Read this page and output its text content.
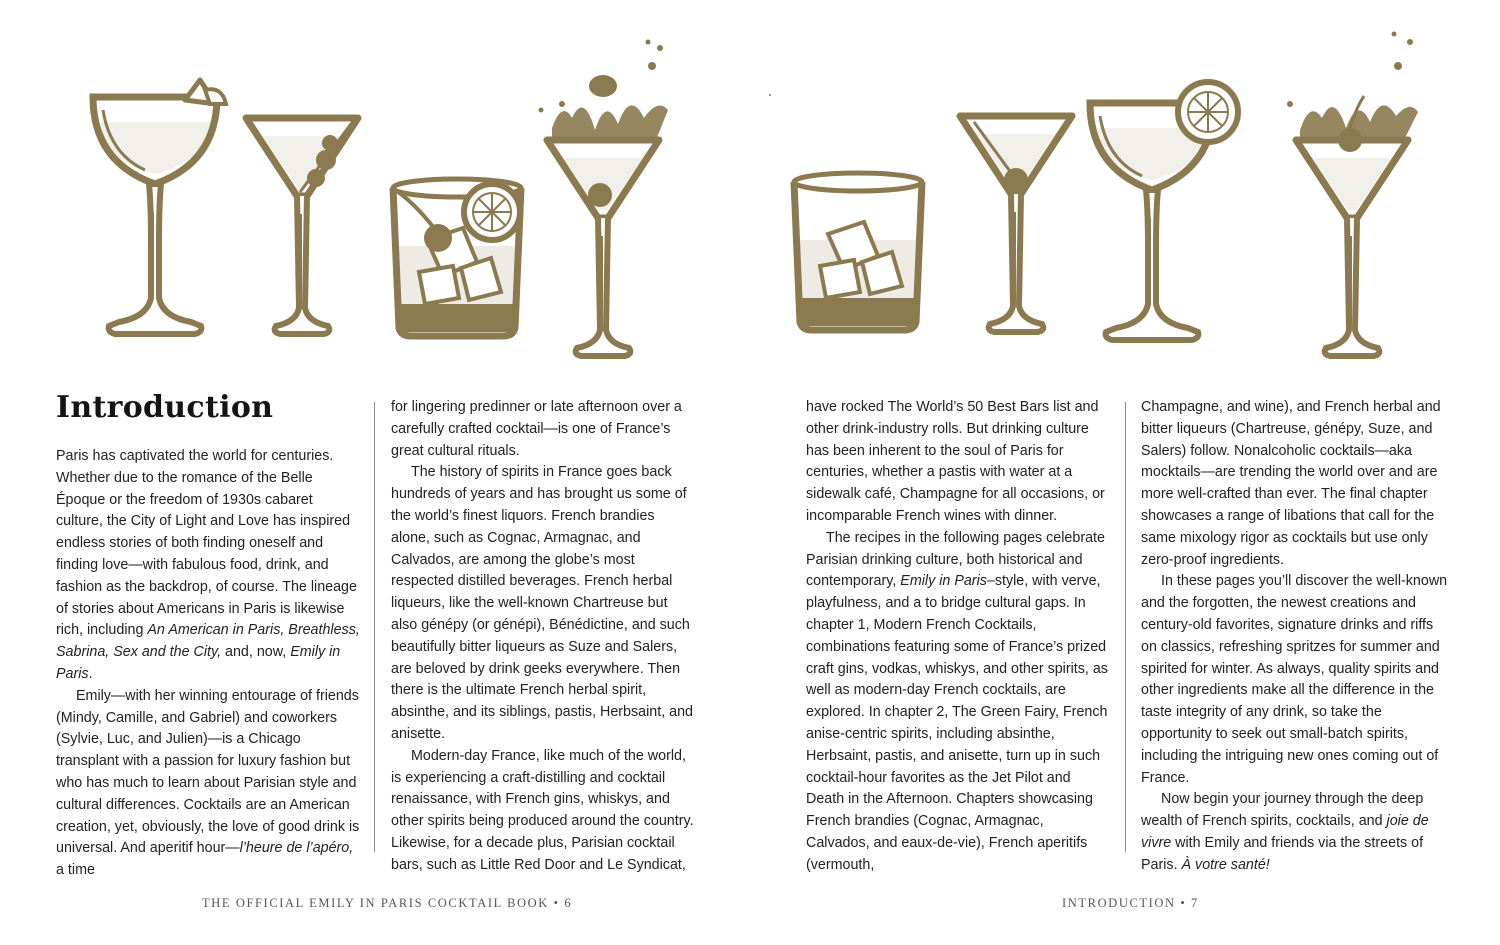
Introduction

Paris has captivated the world for centuries. Whether due to the romance of the Belle Époque or the freedom of 1930s cabaret culture, the City of Light and Love has inspired endless stories of both finding oneself and finding love—with fabulous food, drink, and fashion as the backdrop, of course. The lineage of stories about Americans in Paris is likewise rich, including An American in Paris, Breathless, Sabrina, Sex and the City, and, now, Emily in Paris.

Emily—with her winning entourage of friends (Mindy, Camille, and Gabriel) and coworkers (Sylvie, Luc, and Julien)—is a Chicago transplant with a passion for luxury fashion but who has much to learn about Parisian style and cultural differences. Cocktails are an American creation, yet, obviously, the love of good drink is universal. And aperitif hour—l’heure de l’apéro, a time

for lingering predinner or late afternoon over a carefully crafted cocktail—is one of France’s great cultural rituals.

The history of spirits in France goes back hundreds of years and has brought us some of the world’s finest liquors. French brandies alone, such as Cognac, Armagnac, and Calvados, are among the globe’s most respected distilled beverages. French herbal liqueurs, like the well-known Chartreuse but also génépy (or génépi), Bénédictine, and such beautifully bitter liqueurs as Suze and Salers, are beloved by drink geeks everywhere. Then there is the ultimate French herbal spirit, absinthe, and its siblings, pastis, Herbsaint, and anisette.

Modern-day France, like much of the world, is experiencing a craft-distilling and cocktail renaissance, with French gins, whiskys, and other spirits being produced around the country. Likewise, for a decade plus, Parisian cocktail bars, such as Little Red Door and Le Syndicat,

THE OFFICIAL EMILY IN PARIS COCKTAIL BOOK • 6

have rocked The World’s 50 Best Bars list and other drink-industry rolls. But drinking culture has been inherent to the soul of Paris for centuries, whether a pastis with water at a sidewalk café, Champagne for all occasions, or incomparable French wines with dinner.

The recipes in the following pages celebrate Parisian drinking culture, both historical and contemporary, Emily in Paris–style, with verve, playfulness, and a to bridge cultural gaps. In chapter 1, Modern French Cocktails, combinations featuring some of France’s prized craft gins, vodkas, whiskys, and other spirits, as well as modern-day French cocktails, are explored. In chapter 2, The Green Fairy, French anise-centric spirits, including absinthe, Herbsaint, pastis, and anisette, turn up in such cocktail-hour favorites as the Jet Pilot and Death in the Afternoon. Chapters showcasing French brandies (Cognac, Armagnac, Calvados, and eaux-de-vie), French aperitifs (vermouth,

Champagne, and wine), and French herbal and bitter liqueurs (Chartreuse, génépy, Suze, and Salers) follow. Nonalcoholic cocktails—aka mocktails—are trending the world over and are more well-crafted than ever. The final chapter showcases a range of libations that call for the same mixology rigor as cocktails but use only zero-proof ingredients.

In these pages you’ll discover the well-known and the forgotten, the newest creations and century-old favorites, signature drinks and riffs on classics, refreshing spritzes for summer and spirited for winter. As always, quality spirits and other ingredients make all the difference in the taste integrity of any drink, so take the opportunity to seek out small-batch spirits, including the intriguing new ones coming out of France.

Now begin your journey through the deep wealth of French spirits, cocktails, and joie de vivre with Emily and friends via the streets of Paris. À votre santé!

INTRODUCTION • 7
